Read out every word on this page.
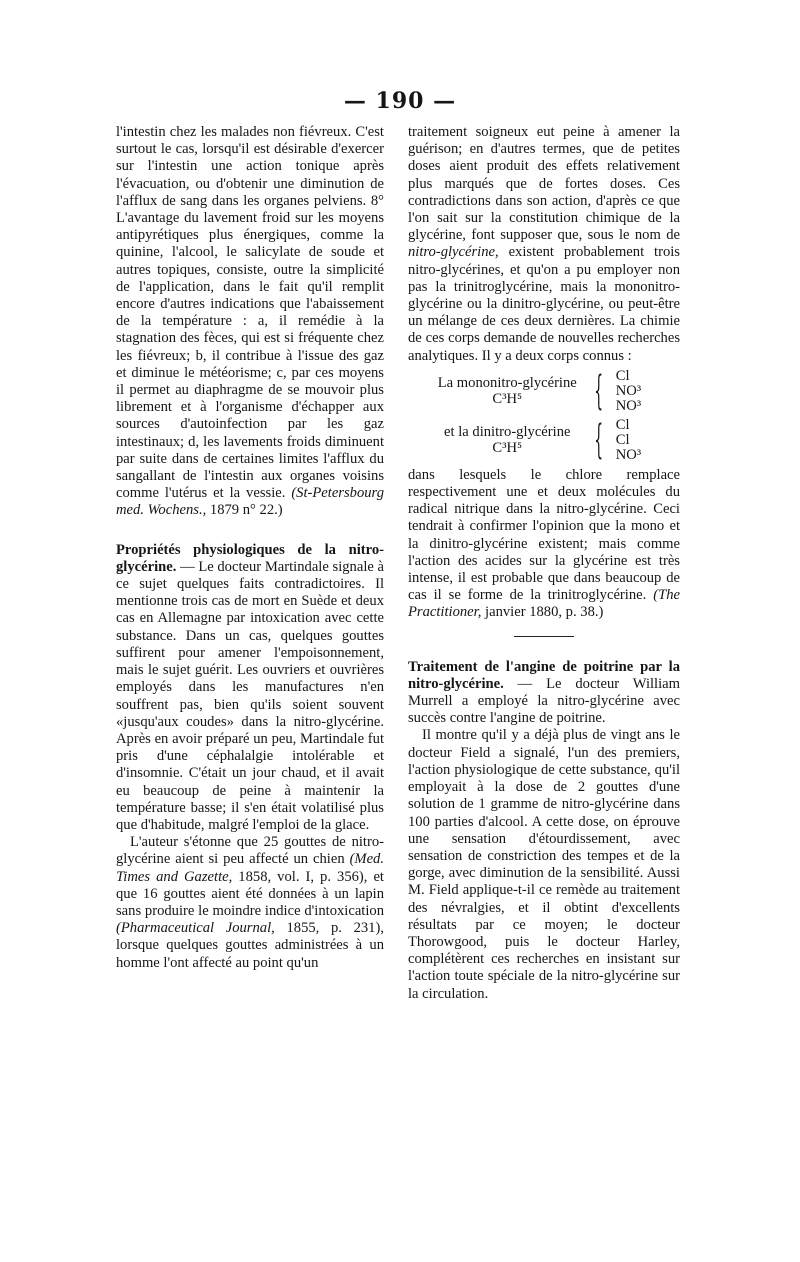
— 190 —

l'intestin chez les malades non fiévreux. C'est surtout le cas, lorsqu'il est désirable d'exercer sur l'intestin une action tonique après l'évacuation, ou d'obtenir une diminution de l'afflux de sang dans les organes pelviens. 8° L'avantage du lavement froid sur les moyens antipyrétiques plus énergiques, comme la quinine, l'alcool, le salicylate de soude et autres topiques, consiste, outre la simplicité de l'application, dans le fait qu'il remplit encore d'autres indications que l'abaissement de la température : a, il remédie à la stagnation des fèces, qui est si fréquente chez les fiévreux; b, il contribue à l'issue des gaz et diminue le météorisme; c, par ces moyens il permet au diaphragme de se mouvoir plus librement et à l'organisme d'échapper aux sources d'autoinfection par les gaz intestinaux; d, les lavements froids diminuent par suite dans de certaines limites l'afflux du sangallant de l'intestin aux organes voisins comme l'utérus et la vessie. (St-Petersbourg med. Wochens., 1879 n° 22.)

Propriétés physiologiques de la nitro-glycérine. — Le docteur Martindale signale à ce sujet quelques faits contradictoires. Il mentionne trois cas de mort en Suède et deux cas en Allemagne par intoxication avec cette substance. Dans un cas, quelques gouttes suffirent pour amener l'empoisonnement, mais le sujet guérit. Les ouvriers et ouvrières employés dans les manufactures n'en souffrent pas, bien qu'ils soient souvent «jusqu'aux coudes» dans la nitro-glycérine. Après en avoir préparé un peu, Martindale fut pris d'une céphalalgie intolérable et d'insomnie. C'était un jour chaud, et il avait eu beaucoup de peine à maintenir la température basse; il s'en était volatilisé plus que d'habitude, malgré l'emploi de la glace.

L'auteur s'étonne que 25 gouttes de nitro-glycérine aient si peu affecté un chien (Med. Times and Gazette, 1858, vol. I, p. 356), et que 16 gouttes aient été données à un lapin sans produire le moindre indice d'intoxication (Pharmaceutical Journal, 1855, p. 231), lorsque quelques gouttes administrées à un homme l'ont affecté au point qu'un

traitement soigneux eut peine à amener la guérison; en d'autres termes, que de petites doses aient produit des effets relativement plus marqués que de fortes doses. Ces contradictions dans son action, d'après ce que l'on sait sur la constitution chimique de la glycérine, font supposer que, sous le nom de nitro-glycérine, existent probablement trois nitro-glycérines, et qu'on a pu employer non pas la trinitroglycérine, mais la mononitro-glycérine ou la dinitro-glycérine, ou peut-être un mélange de ces deux dernières. La chimie de ces corps demande de nouvelles recherches analytiques. Il y a deux corps connus :

La mononitro-glycérine C³H⁵	{ Cl
NO³
NO³
et la dinitro-glycérine C³H⁵	{ Cl
Cl
NO³

dans lesquels le chlore remplace respectivement une et deux molécules du radical nitrique dans la nitro-glycérine. Ceci tendrait à confirmer l'opinion que la mono et la dinitro-glycérine existent; mais comme l'action des acides sur la glycérine est très intense, il est probable que dans beaucoup de cas il se forme de la trinitroglycérine. (The Practitioner, janvier 1880, p. 38.)

Traitement de l'angine de poitrine par la nitro-glycérine. — Le docteur William Murrell a employé la nitro-glycérine avec succès contre l'angine de poitrine.

Il montre qu'il y a déjà plus de vingt ans le docteur Field a signalé, l'un des premiers, l'action physiologique de cette substance, qu'il employait à la dose de 2 gouttes d'une solution de 1 gramme de nitro-glycérine dans 100 parties d'alcool. A cette dose, on éprouve une sensation d'étourdissement, avec sensation de constriction des tempes et de la gorge, avec diminution de la sensibilité. Aussi M. Field applique-t-il ce remède au traitement des névralgies, et il obtint d'excellents résultats par ce moyen; le docteur Thorowgood, puis le docteur Harley, complétèrent ces recherches en insistant sur l'action toute spéciale de la nitro-glycérine sur la circulation.
